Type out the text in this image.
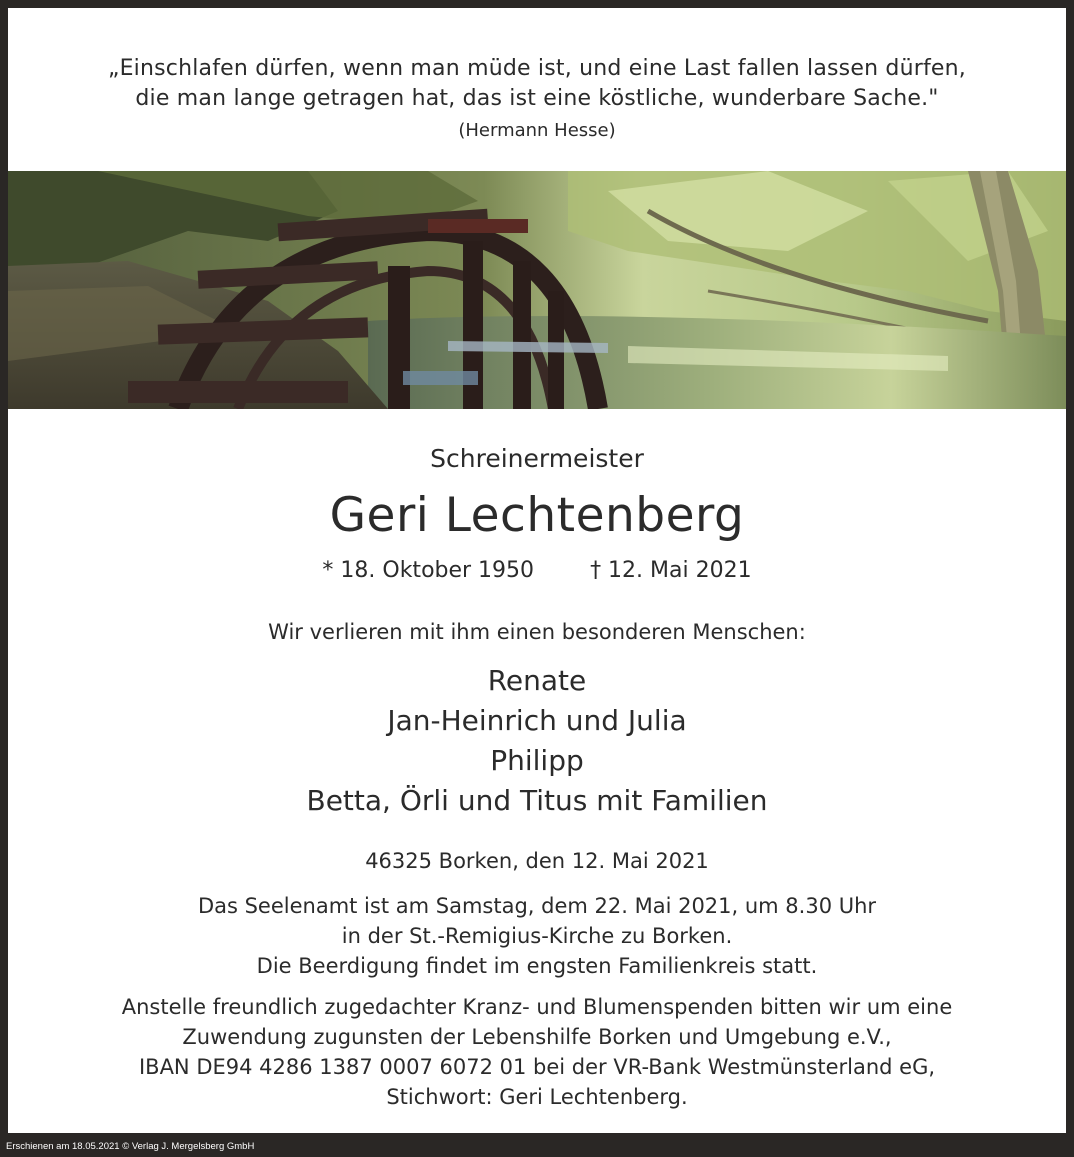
„Einschlafen dürfen, wenn man müde ist, und eine Last fallen lassen dürfen,
die man lange getragen hat, das ist eine köstliche, wunderbare Sache."
(Hermann Hesse)
Schreinermeister
Geri Lechtenberg
* 18. Oktober 1950	† 12. Mai 2021
Wir verlieren mit ihm einen besonderen Menschen:
Renate
Jan-Heinrich und Julia
Philipp
Betta, Örli und Titus mit Familien
46325 Borken, den 12. Mai 2021
Das Seelenamt ist am Samstag, dem 22. Mai 2021, um 8.30 Uhr
in der St.-Remigius-Kirche zu Borken.
Die Beerdigung findet im engsten Familienkreis statt.
Anstelle freundlich zugedachter Kranz- und Blumenspenden bitten wir um eine
Zuwendung zugunsten der Lebenshilfe Borken und Umgebung e.V.,
IBAN DE94 4286 1387 0007 6072 01 bei der VR-Bank Westmünsterland eG,
Stichwort: Geri Lechtenberg.
Erschienen am 18.05.2021 © Verlag J. Mergelsberg GmbH
